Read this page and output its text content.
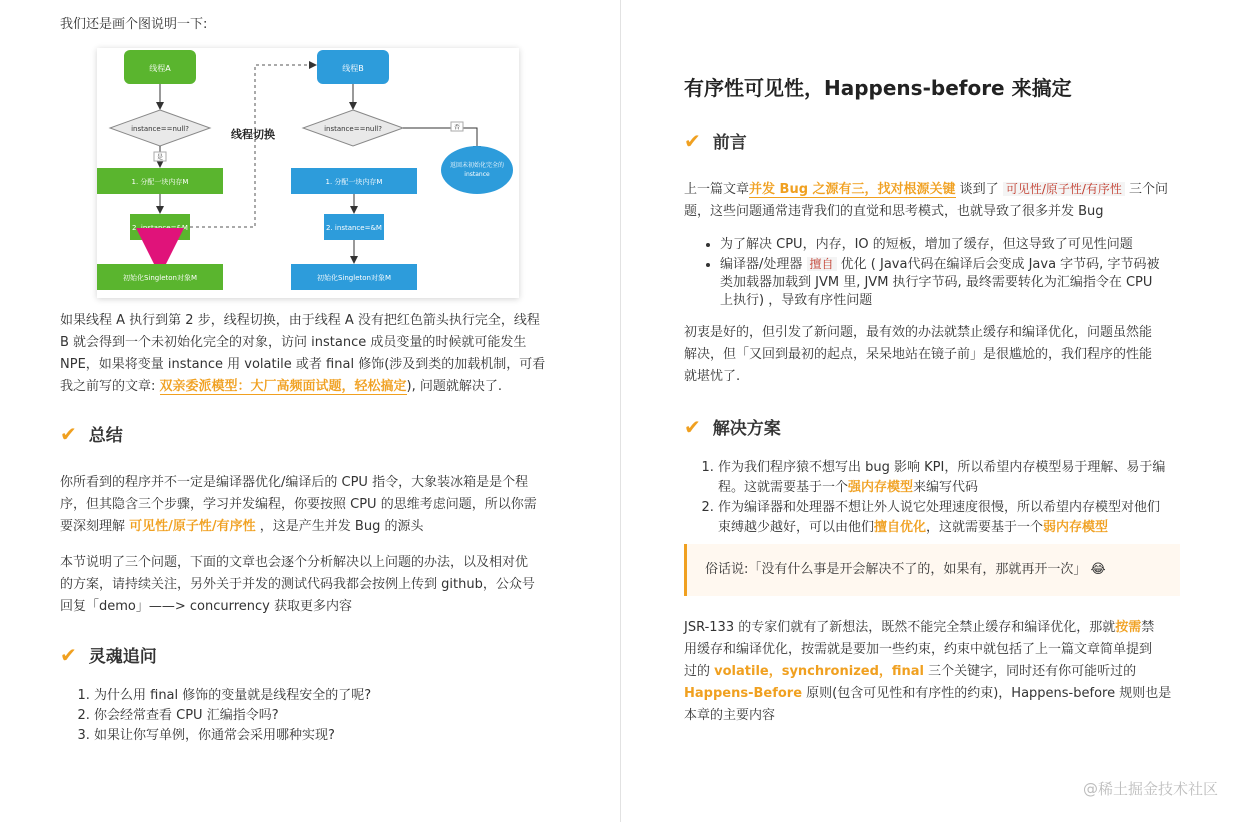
我们还是画个图说明一下:
线程A
instance==null?
是
1. 分配一块内存M
2. instance=&M
初始化Singleton对象M
线程切换
线程B
instance==null?	否
返回未初始化完全的
instance
1. 分配一块内存M
2. instance=&M
初始化Singleton对象M
如果线程 A 执行到第 2 步，线程切换，由于线程 A 没有把红色箭头执行完全，线程
B 就会得到一个未初始化完全的对象，访问 instance 成员变量的时候就可能发生
NPE，如果将变量 instance 用 volatile 或者 final 修饰(涉及到类的加载机制，可看
我之前写的文章: 双亲委派模型：大厂高频面试题，轻松搞定), 问题就解决了.
✔ 总结
你所看到的程序并不一定是编译器优化/编译后的 CPU 指令，大象装冰箱是是个程
序，但其隐含三个步骤，学习并发编程，你要按照 CPU 的思维考虑问题，所以你需
要深刻理解 可见性/原子性/有序性 ，这是产生并发 Bug 的源头
本节说明了三个问题，下面的文章也会逐个分析解决以上问题的办法，以及相对优
的方案，请持续关注，另外关于并发的测试代码我都会按例上传到 github，公众号
回复「demo」——> concurrency 获取更多内容
✔ 灵魂追问
1. 为什么用 final 修饰的变量就是线程安全的了呢?
2. 你会经常查看 CPU 汇编指令吗?
3. 如果让你写单例，你通常会采用哪种实现?
有序性可见性，Happens-before 来搞定
✔ 前言
上一篇文章并发 Bug 之源有三，找对根源关键 谈到了 可见性/原子性/有序性 三个问
题，这些问题通常违背我们的直觉和思考模式，也就导致了很多并发 Bug
• 为了解决 CPU，内存，IO 的短板，增加了缓存，但这导致了可见性问题
• 编译器/处理器 擅自 优化 ( Java代码在编译后会变成 Java 字节码, 字节码被
类加载器加载到 JVM 里, JVM 执行字节码, 最终需要转化为汇编指令在 CPU
上执行) ，导致有序性问题
初衷是好的，但引发了新问题，最有效的办法就禁止缓存和编译优化，问题虽然能
解决，但「又回到最初的起点，呆呆地站在镜子前」是很尴尬的，我们程序的性能
就堪忧了.
✔ 解决方案
1. 作为我们程序猿不想写出 bug 影响 KPI，所以希望内存模型易于理解、易于编
程。这就需要基于一个强内存模型来编写代码
2. 作为编译器和处理器不想让外人说它处理速度很慢，所以希望内存模型对他们
束缚越少越好，可以由他们擅自优化，这就需要基于一个弱内存模型
俗话说:「没有什么事是开会解决不了的，如果有，那就再开一次」 😂
JSR-133 的专家们就有了新想法，既然不能完全禁止缓存和编译优化，那就按需禁
用缓存和编译优化，按需就是要加一些约束，约束中就包括了上一篇文章简单提到
过的 volatile，synchronized，final 三个关键字，同时还有你可能听过的
Happens-Before 原则(包含可见性和有序性的约束)，Happens-before 规则也是
本章的主要内容
@稀土掘金技术社区
